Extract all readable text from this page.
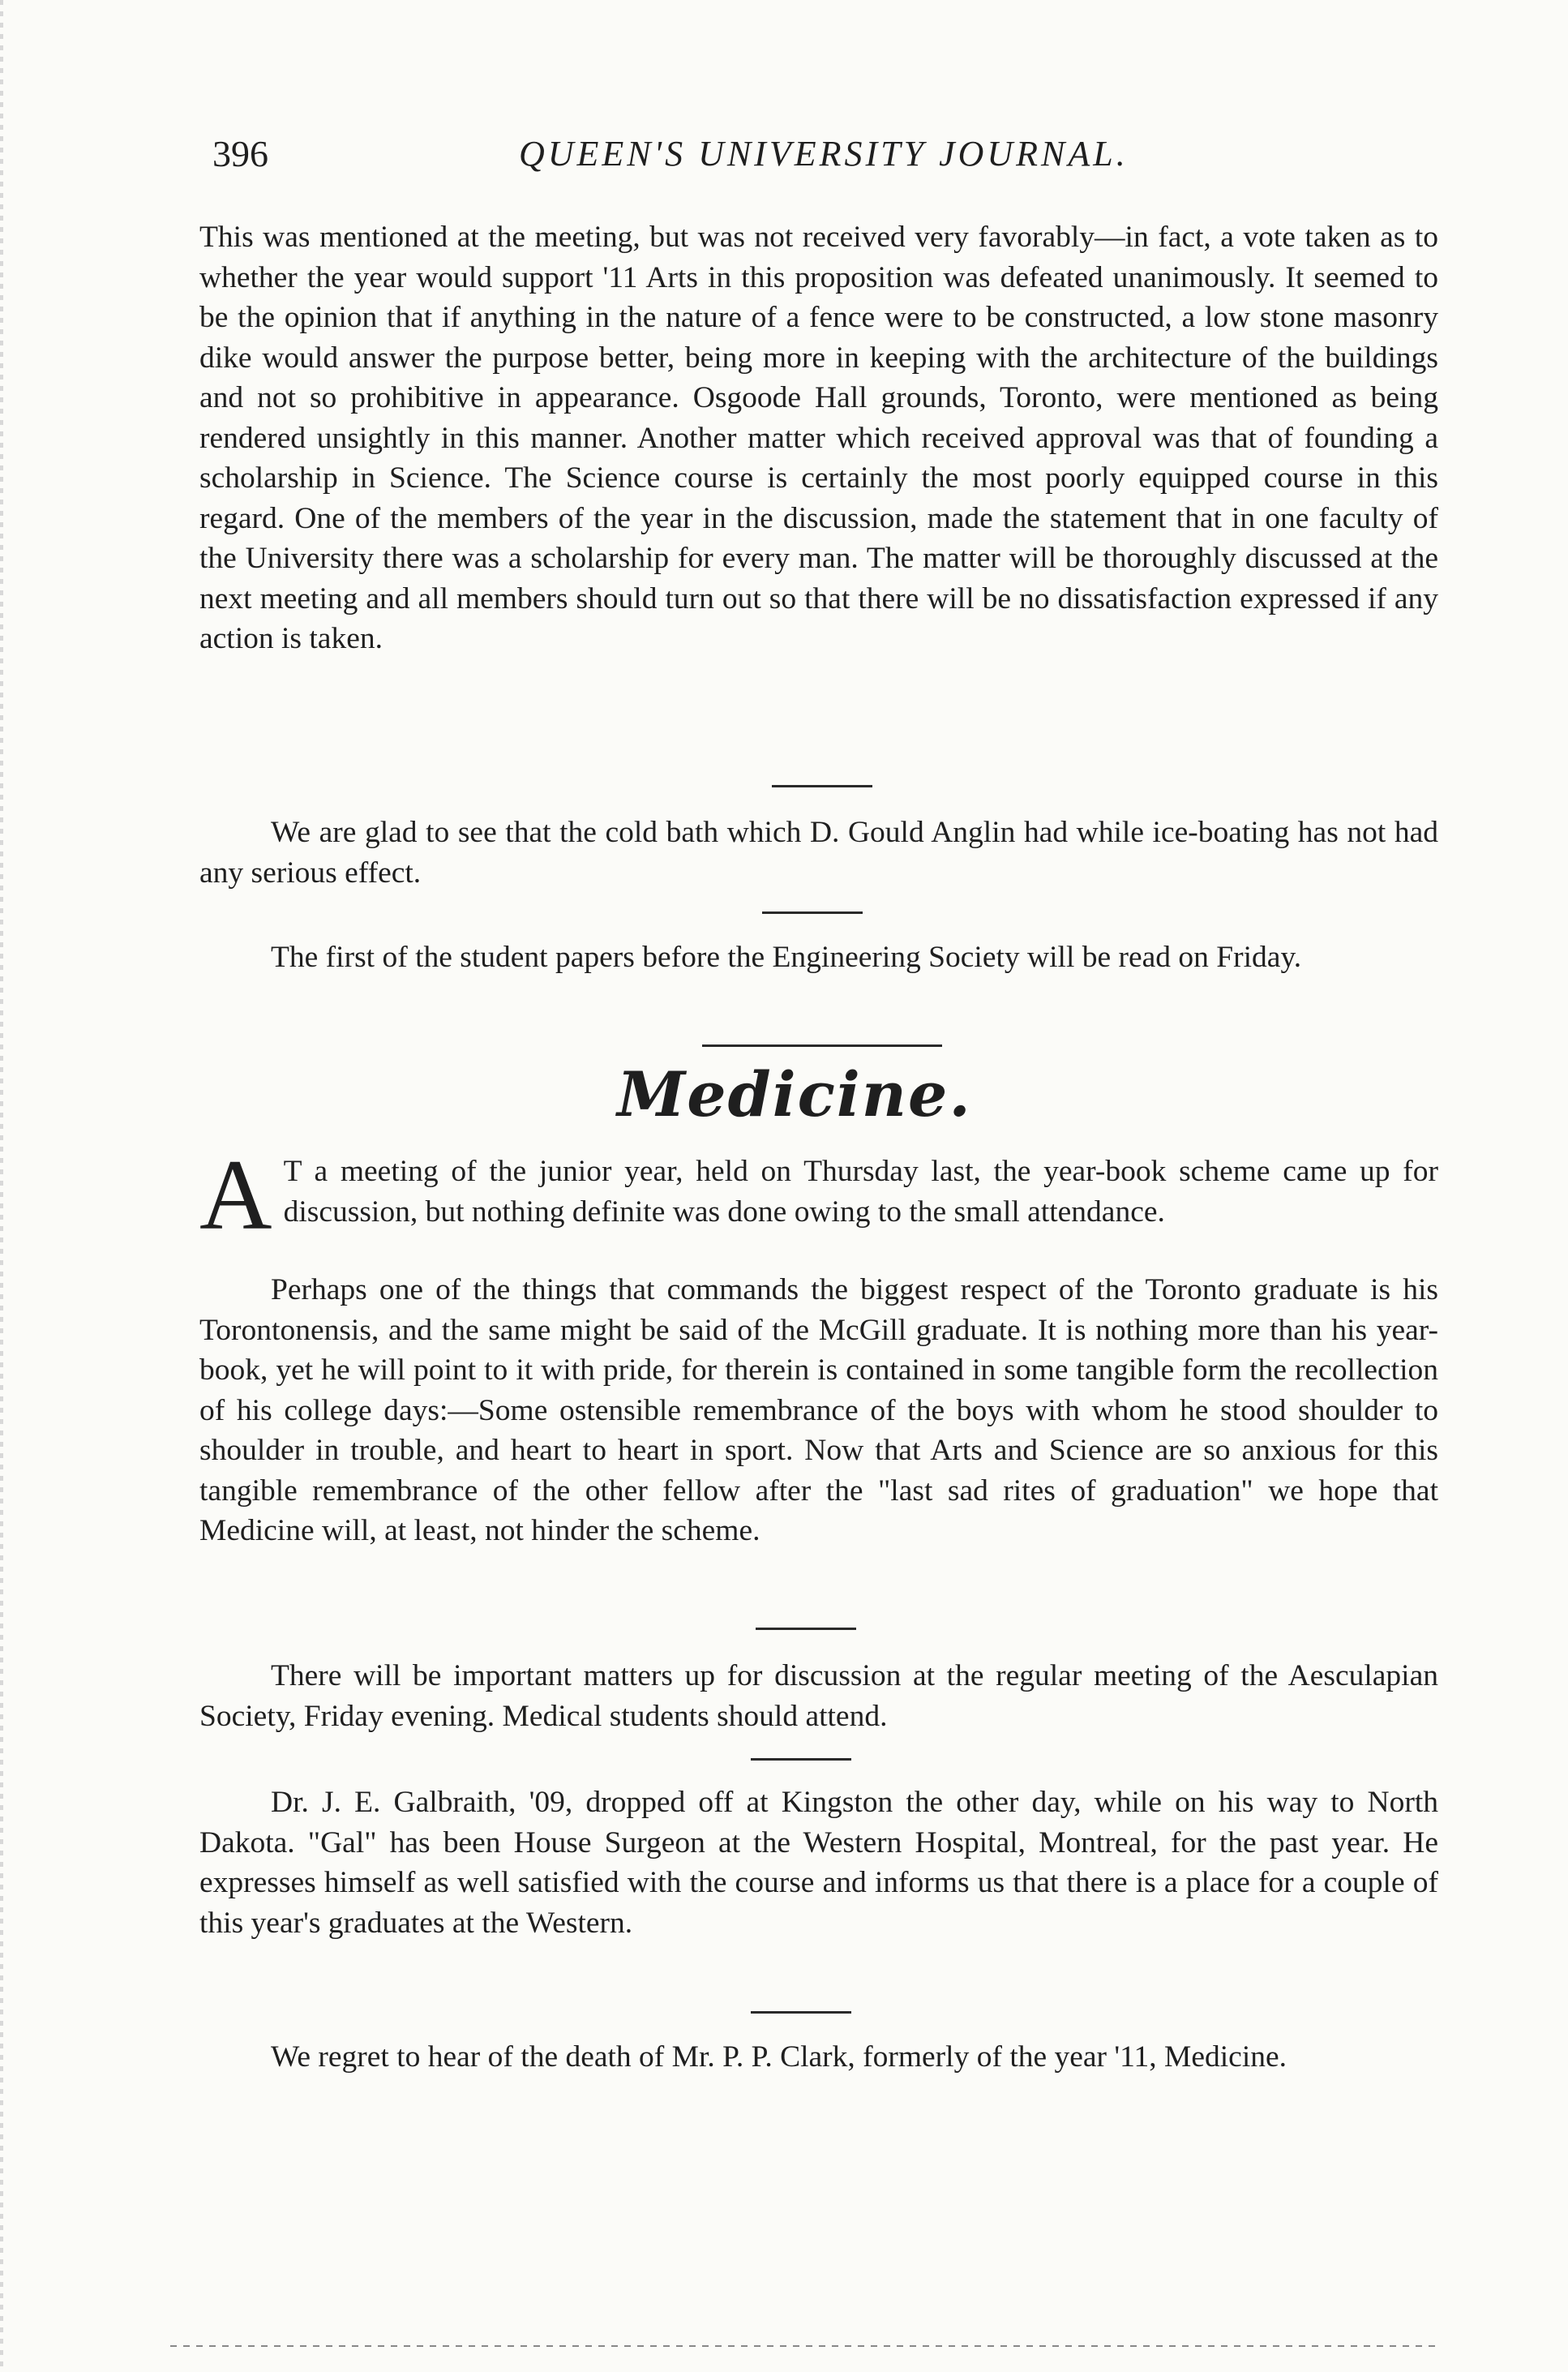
396	QUEEN'S UNIVERSITY JOURNAL.

This was mentioned at the meeting, but was not received very favorably—in fact, a vote taken as to whether the year would support '11 Arts in this proposition was defeated unanimously. It seemed to be the opinion that if anything in the nature of a fence were to be constructed, a low stone masonry dike would answer the purpose better, being more in keeping with the architecture of the buildings and not so prohibitive in appearance. Osgoode Hall grounds, Toronto, were mentioned as being rendered unsightly in this manner. Another matter which received approval was that of founding a scholarship in Science. The Science course is certainly the most poorly equipped course in this regard. One of the members of the year in the discussion, made the statement that in one faculty of the University there was a scholarship for every man. The matter will be thoroughly discussed at the next meeting and all members should turn out so that there will be no dissatisfaction expressed if any action is taken.

We are glad to see that the cold bath which D. Gould Anglin had while ice-boating has not had any serious effect.

The first of the student papers before the Engineering Society will be read on Friday.

Medicine.
A T a meeting of the junior year, held on Thursday last, the year-book scheme came up for discussion, but nothing definite was done owing to the small attendance.

Perhaps one of the things that commands the biggest respect of the Toronto graduate is his Torontonensis, and the same might be said of the McGill graduate. It is nothing more than his year-book, yet he will point to it with pride, for therein is contained in some tangible form the recollection of his college days:—Some ostensible remembrance of the boys with whom he stood shoulder to shoulder in trouble, and heart to heart in sport. Now that Arts and Science are so anxious for this tangible remembrance of the other fellow after the "last sad rites of graduation" we hope that Medicine will, at least, not hinder the scheme.

There will be important matters up for discussion at the regular meeting of the Aesculapian Society, Friday evening. Medical students should attend.

Dr. J. E. Galbraith, '09, dropped off at Kingston the other day, while on his way to North Dakota. "Gal" has been House Surgeon at the Western Hospital, Montreal, for the past year. He expresses himself as well satisfied with the course and informs us that there is a place for a couple of this year's graduates at the Western.

We regret to hear of the death of Mr. P. P. Clark, formerly of the year '11, Medicine.
